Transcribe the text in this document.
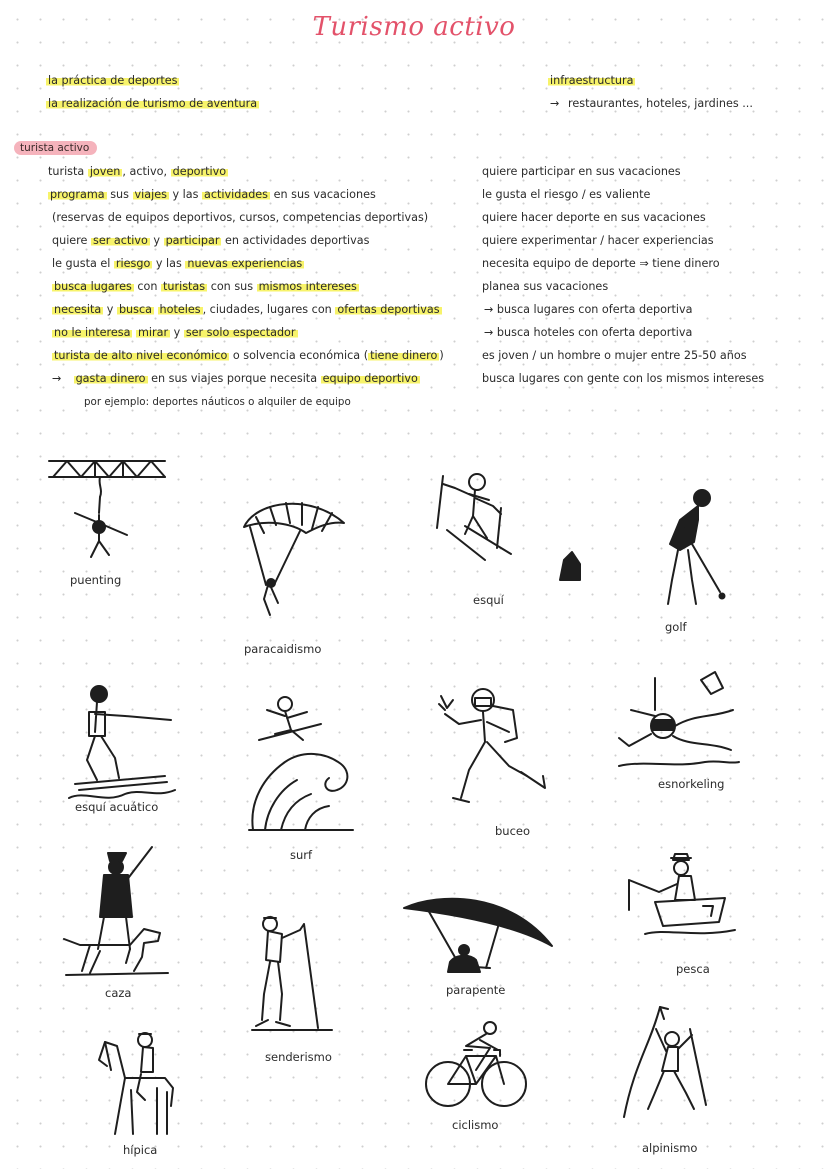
Turismo activo
la práctica de deportes
la realización de turismo de aventura
infraestructura
→ restaurantes, hoteles, jardines ...
turista activo
turista joven , activo, deportivo
programa sus viajes y las actividades en sus vacaciones
(reservas de equipos deportivos, cursos, competencias deportivas)
quiere ser activo y participar en actividades deportivas
le gusta el riesgo y las nuevas experiencias
busca lugares con turistas con sus mismos intereses
necesita y busca hoteles , ciudades, lugares con ofertas deportivas
no le interesa mirar y ser solo espectador
turista de alto nivel económico o solvencia económica ( tiene dinero )
→ gasta dinero en sus viajes porque necesita equipo deportivo
por ejemplo: deportes náuticos o alquiler de equipo
quiere participar en sus vacaciones
le gusta el riesgo / es valiente
quiere hacer deporte en sus vacaciones
quiere experimentar / hacer experiencias
necesita equipo de deporte ⇒ tiene dinero
planea sus vacaciones
→ busca lugares con oferta deportiva
→ busca hoteles con oferta deportiva
es joven / un hombre o mujer entre 25-50 años
busca lugares con gente con los mismos intereses
puenting
paracaidismo
esquí
golf
esquí acuático
surf
buceo
esnorkeling
caza
senderismo
parapente
pesca
hípica
ciclismo
alpinismo
